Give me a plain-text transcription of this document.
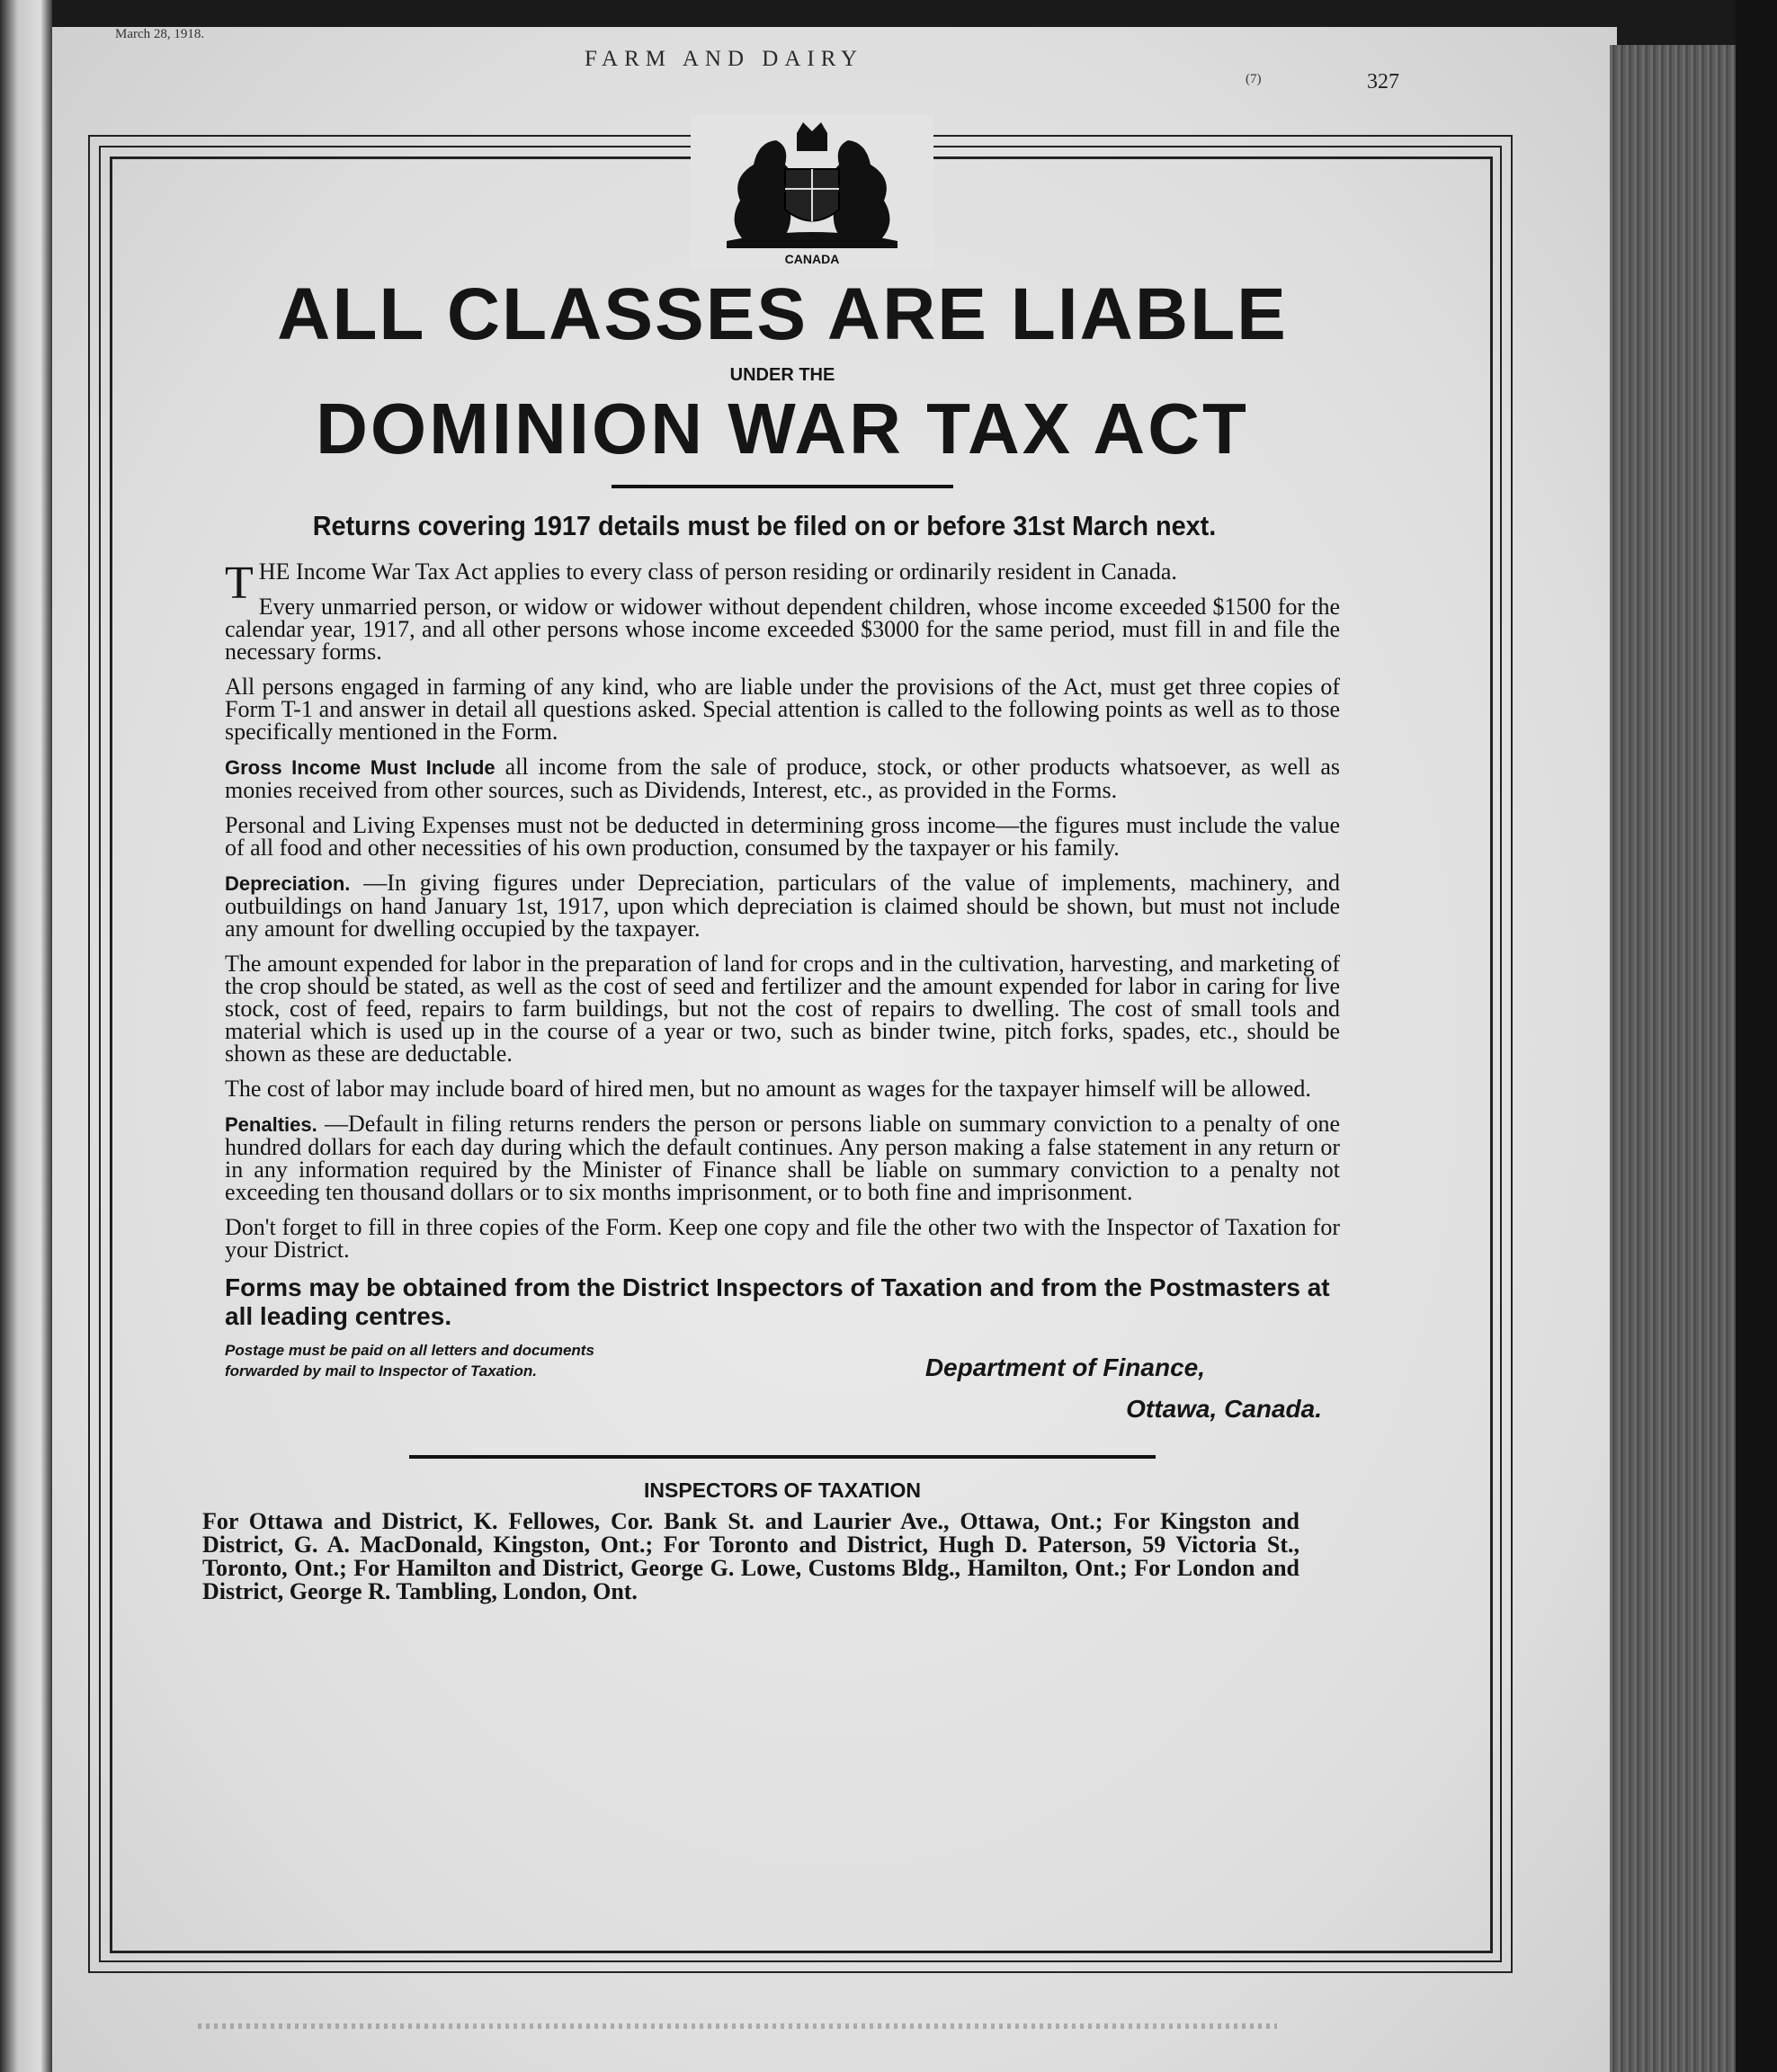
March 28, 1918.
FARM AND DAIRY
(7)	327
CANADA
ALL CLASSES ARE LIABLE
UNDER THE
DOMINION WAR TAX ACT
Returns covering 1917 details must be filed on or before 31st March next.

THE Income War Tax Act applies to every class of person residing or ordinarily resident in Canada.

Every unmarried person, or widow or widower without dependent children, whose income exceeded $1500 for the calendar year, 1917, and all other persons whose income exceeded $3000 for the same period, must fill in and file the necessary forms.

All persons engaged in farming of any kind, who are liable under the provisions of the Act, must get three copies of Form T-1 and answer in detail all questions asked. Special attention is called to the following points as well as to those specifically mentioned in the Form.

Gross Income Must Include all income from the sale of produce, stock, or other products whatsoever, as well as monies received from other sources, such as Dividends, Interest, etc., as provided in the Forms.

Personal and Living Expenses must not be deducted in determining gross income—the figures must include the value of all food and other necessities of his own production, consumed by the taxpayer or his family.

Depreciation. —In giving figures under Depreciation, particulars of the value of implements, machinery, and outbuildings on hand January 1st, 1917, upon which depreciation is claimed should be shown, but must not include any amount for dwelling occupied by the taxpayer.

The amount expended for labor in the preparation of land for crops and in the cultivation, harvesting, and marketing of the crop should be stated, as well as the cost of seed and fertilizer and the amount expended for labor in caring for live stock, cost of feed, repairs to farm buildings, but not the cost of repairs to dwelling. The cost of small tools and material which is used up in the course of a year or two, such as binder twine, pitch forks, spades, etc., should be shown as these are deductable.

The cost of labor may include board of hired men, but no amount as wages for the taxpayer himself will be allowed.

Penalties. —Default in filing returns renders the person or persons liable on summary conviction to a penalty of one hundred dollars for each day during which the default continues. Any person making a false statement in any return or in any information required by the Minister of Finance shall be liable on summary conviction to a penalty not exceeding ten thousand dollars or to six months imprisonment, or to both fine and imprisonment.

Don't forget to fill in three copies of the Form. Keep one copy and file the other two with the Inspector of Taxation for your District.

Forms may be obtained from the District Inspectors of Taxation and from the Postmasters at all leading centres.
Postage must be paid on all letters and documents forwarded by mail to Inspector of Taxation.	Department of Finance,
Ottawa, Canada.
INSPECTORS OF TAXATION
For Ottawa and District, K. Fellowes, Cor. Bank St. and Laurier Ave., Ottawa, Ont.; For Kingston and District, G. A. MacDonald, Kingston, Ont.; For Toronto and District, Hugh D. Paterson, 59 Victoria St., Toronto, Ont.; For Hamilton and District, George G. Lowe, Customs Bldg., Hamilton, Ont.; For London and District, George R. Tambling, London, Ont.
